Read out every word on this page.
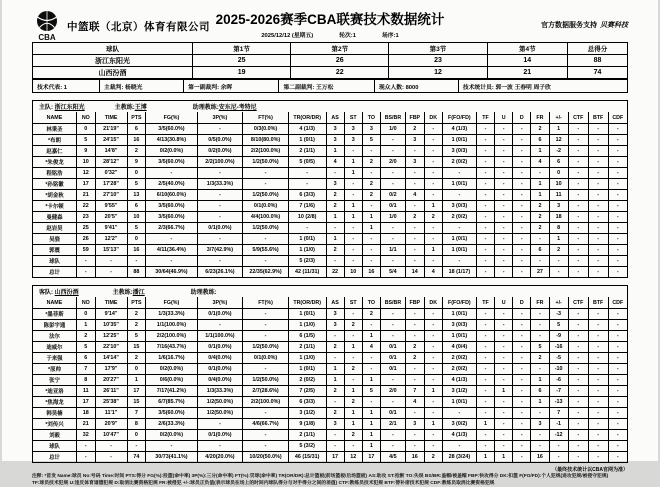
CBA
中篮联（北京）体育有限公司 2025-2026赛季CBA联赛技术数据统计
2025/12/12 (星期五)	轮次:1	场序:1
官方数据服务支持 贝赛科技
球队	第1节	第2节	第3节	第4节	总得分
浙江东阳光	25	26	23	14	88
山西汾酒	19	22	12	21	74
技术代表: 1	主裁判: 杨晓光	第一副裁判: 余晖	第二副裁判: 王万松	现众人数: 8000	技术统计员: 郭一波 王春明 周子欣
主队:
浙江东阳光	主教练: 王博	助理教练: 安东尼-考特尼
NAME	NO	TIME	PTS	FG(%)	3P(%)	FT(%)	TR(OR/DR)	AS	ST	TO	BS/BR	FBP	DK	F(FO/FD)	TF	U	D	FR	+/-	CTF	BTF	CDF
林秉圣	0	21'19"	6	3/5(60.0%)	-	0/3(0.0%)	4 (1/3)	3	3	3	1/0	2	-	4 (1/3)	-	-	-	2	1	-	-	-
*布朗	5	24'15"	16	4/13(30.8%)	0/5(0.0%)	8/10(80.0%)	1 (0/1)	3	3	5	-	3	-	1 (0/1)	-	-	-	6	12	-	-	-
赵嘉仁	9	14'8"	2	0/2(0.0%)	0/2(0.0%)	2/2(100.0%)	2 (1/1)	1	-	-	-	-	-	3 (0/3)	-	-	-	1	-2	-	-	-
*朱俊龙	10	28'12"	9	3/5(60.0%)	2/2(100.0%)	1/2(50.0%)	5 (0/5)	4	1	2	2/0	3	-	2 (0/2)	-	-	-	4	6	-	-	-
程铭浩	12	0'32"	0	-	-	-	-	-	1	-	-	-	-	-	-	-	-	-	0	-	-	-
*孙铭徽	17	17'28"	5	2/5(40.0%)	1/3(33.3%)	-	-	3	-	2	-	-	-	1 (0/1)	-	-	-	1	10	-	-	-
*胡金秋	21	27'10"	13	6/10(60.0%)	-	1/2(50.0%)	6 (3/3)	2	-	2	0/2	4	-	-	-	-	-	1	11	-	-	-
*卡尔顿	22	9'55"	6	3/5(60.0%)	-	0/1(0.0%)	7 (1/6)	2	1	-	0/1	-	1	3 (0/3)	-	-	-	2	3	-	-	-
曼健森	23	20'5"	10	3/5(60.0%)	-	4/4(100.0%)	10 (2/8)	1	1	1	1/0	2	2	2 (0/2)	-	-	-	2	18	-	-	-
赵岩昊	25	9'41"	5	2/3(66.7%)	0/1(0.0%)	1/2(50.0%)	-	-	-	1	-	-	-	-	-	-	-	2	8	-	-	-
吴骁	26	12'2"	0	-	-	-	1 (0/1)	1	-	-	-	-	-	1 (0/1)	-	-	-	-	1	-	-	-
郭震	59	15'13"	16	4/11(36.4%)	3/7(42.9%)	5/9(55.6%)	1 (1/0)	2	-	-	1/1	-	1	1 (0/1)	-	-	-	6	2	-	-	-
球队	-	-	-	-	-	-	5 (2/3)	-	-	-	-	-	-	-	-	-	-	-	-	-	-	-
总计	-	-	88	30/64(46.9%)	6/23(26.1%)	22/35(62.9%)	42 (11/31)	22	10	16	5/4	14	4	18 (1/17)	-	-	-	27	-	-	-	-
客队:
山西汾酒	主教练: 潘江	助理教练:
NAME	NO	TIME	PTS	FG(%)	3P(%)	FT(%)	TR(OR/DR)	AS	ST	TO	BS/BR	FBP	DK	F(FO/FD)	TF	U	D	FR	+/-	CTF	BTF	CDF
*墨菲斯	0	9'14"	2	1/3(33.3%)	0/1(0.0%)	-	1 (0/1)	3	-	2	-	-	-	1 (0/1)	-	-	-	-	-3	-	-	-
陈彭宇通	1	10'35"	2	1/1(100.0%)	-	-	1 (1/0)	3	2	-	-	-	-	3 (0/3)	-	-	-	-	5	-	-	-
法尔	2	12'25"	5	2/2(100.0%)	1/1(100.0%)	-	6 (1/5)	-	-	1	-	-	-	1 (0/1)	-	-	-	-	-9	-	-	-
迪威尔	5	22'10"	15	7/16(43.7%)	0/1(0.0%)	1/2(50.0%)	2 (1/1)	2	1	4	0/1	2	-	4 (0/4)	-	-	-	5	-16	-	-	-
于来强	6	14'14"	2	1/6(16.7%)	0/4(0.0%)	0/1(0.0%)	1 (1/0)	-	-	-	0/1	2	-	2 (0/2)	-	-	-	2	-5	-	-	-
*原帅	7	17'9"	0	0/2(0.0%)	0/1(0.0%)	-	1 (0/1)	1	2	-	0/1	-	-	2 (0/2)	-	-	-	-	-10	-	-	-
张宁	8	20'27"	1	0/6(0.0%)	0/4(0.0%)	1/2(50.0%)	2 (0/2)	1	-	1	-	-	-	4 (1/3)	-	-	-	1	-6	-	-	-
*迪亚洛	11	26'11"	17	7/17(41.2%)	1/3(33.3%)	2/7(28.6%)	7 (2/5)	2	1	5	2/0	7	1	3 (1/2)	-	1	-	6	-7	-	-	-
*焦海龙	17	25'38"	15	6/7(85.7%)	1/2(50.0%)	2/2(100.0%)	6 (3/3)	-	2	-	-	4	-	1 (0/1)	-	-	-	1	-13	-	-	-
韩昊楠	18	11'1"	7	3/5(60.0%)	1/2(50.0%)	-	3 (1/2)	2	1	1	0/1	-	-	-	-	-	-	-	7	-	-	-
*刘传兴	21	20'9"	8	2/6(33.3%)	-	4/6(66.7%)	9 (1/8)	3	1	1	2/1	3	1	3 (0/2)	1	-	-	3	-1	-	-	-
刘毅	32	10'47"	0	0/2(0.0%)	0/1(0.0%)	-	2 (1/1)	-	2	1	-	-	-	4 (1/3)	-	-	-	-	-12	-	-	-
球队	-	-	-	-	-	-	5 (3/2)	-	-	1	-	-	-	-	-	-	-	-	-	-	-	-
总计	-	-	74	30/73(41.1%)	4/20(20.0%)	10/20(50.0%)	46 (15/31)	17	12	17	4/5	16	2	28 (3/24)	1	1	-	16	-	-	-	-
（最终技术统计以CBA官网为准）
注释: *首发 Name:球员 No:号码 Time:时间 PTS:得分 FG(%):投篮(命中率) 3P(%):三分(命中率) FT(%):罚球(命中率) TR(OR/DR):总计篮板(前场篮板/后场篮板) AS:助攻 ST:抢断 TO:失误 BS/BR:盖帽/被盖帽 FBP:快攻得分 DK:扣篮 F(FO/FD):个人犯规(进攻犯规/被侵守犯规)
TF:球员技术犯规 U:违反体育道德犯规 D:取消比赛资格犯规 FR:被侵犯 +/-:球员正负值(表示球员在场上的时间内球队得分与对手得分之间的差值) CTF:教练员技术犯规 BTF:替补席技术犯规 CDF:教练员取消比赛资格犯规
